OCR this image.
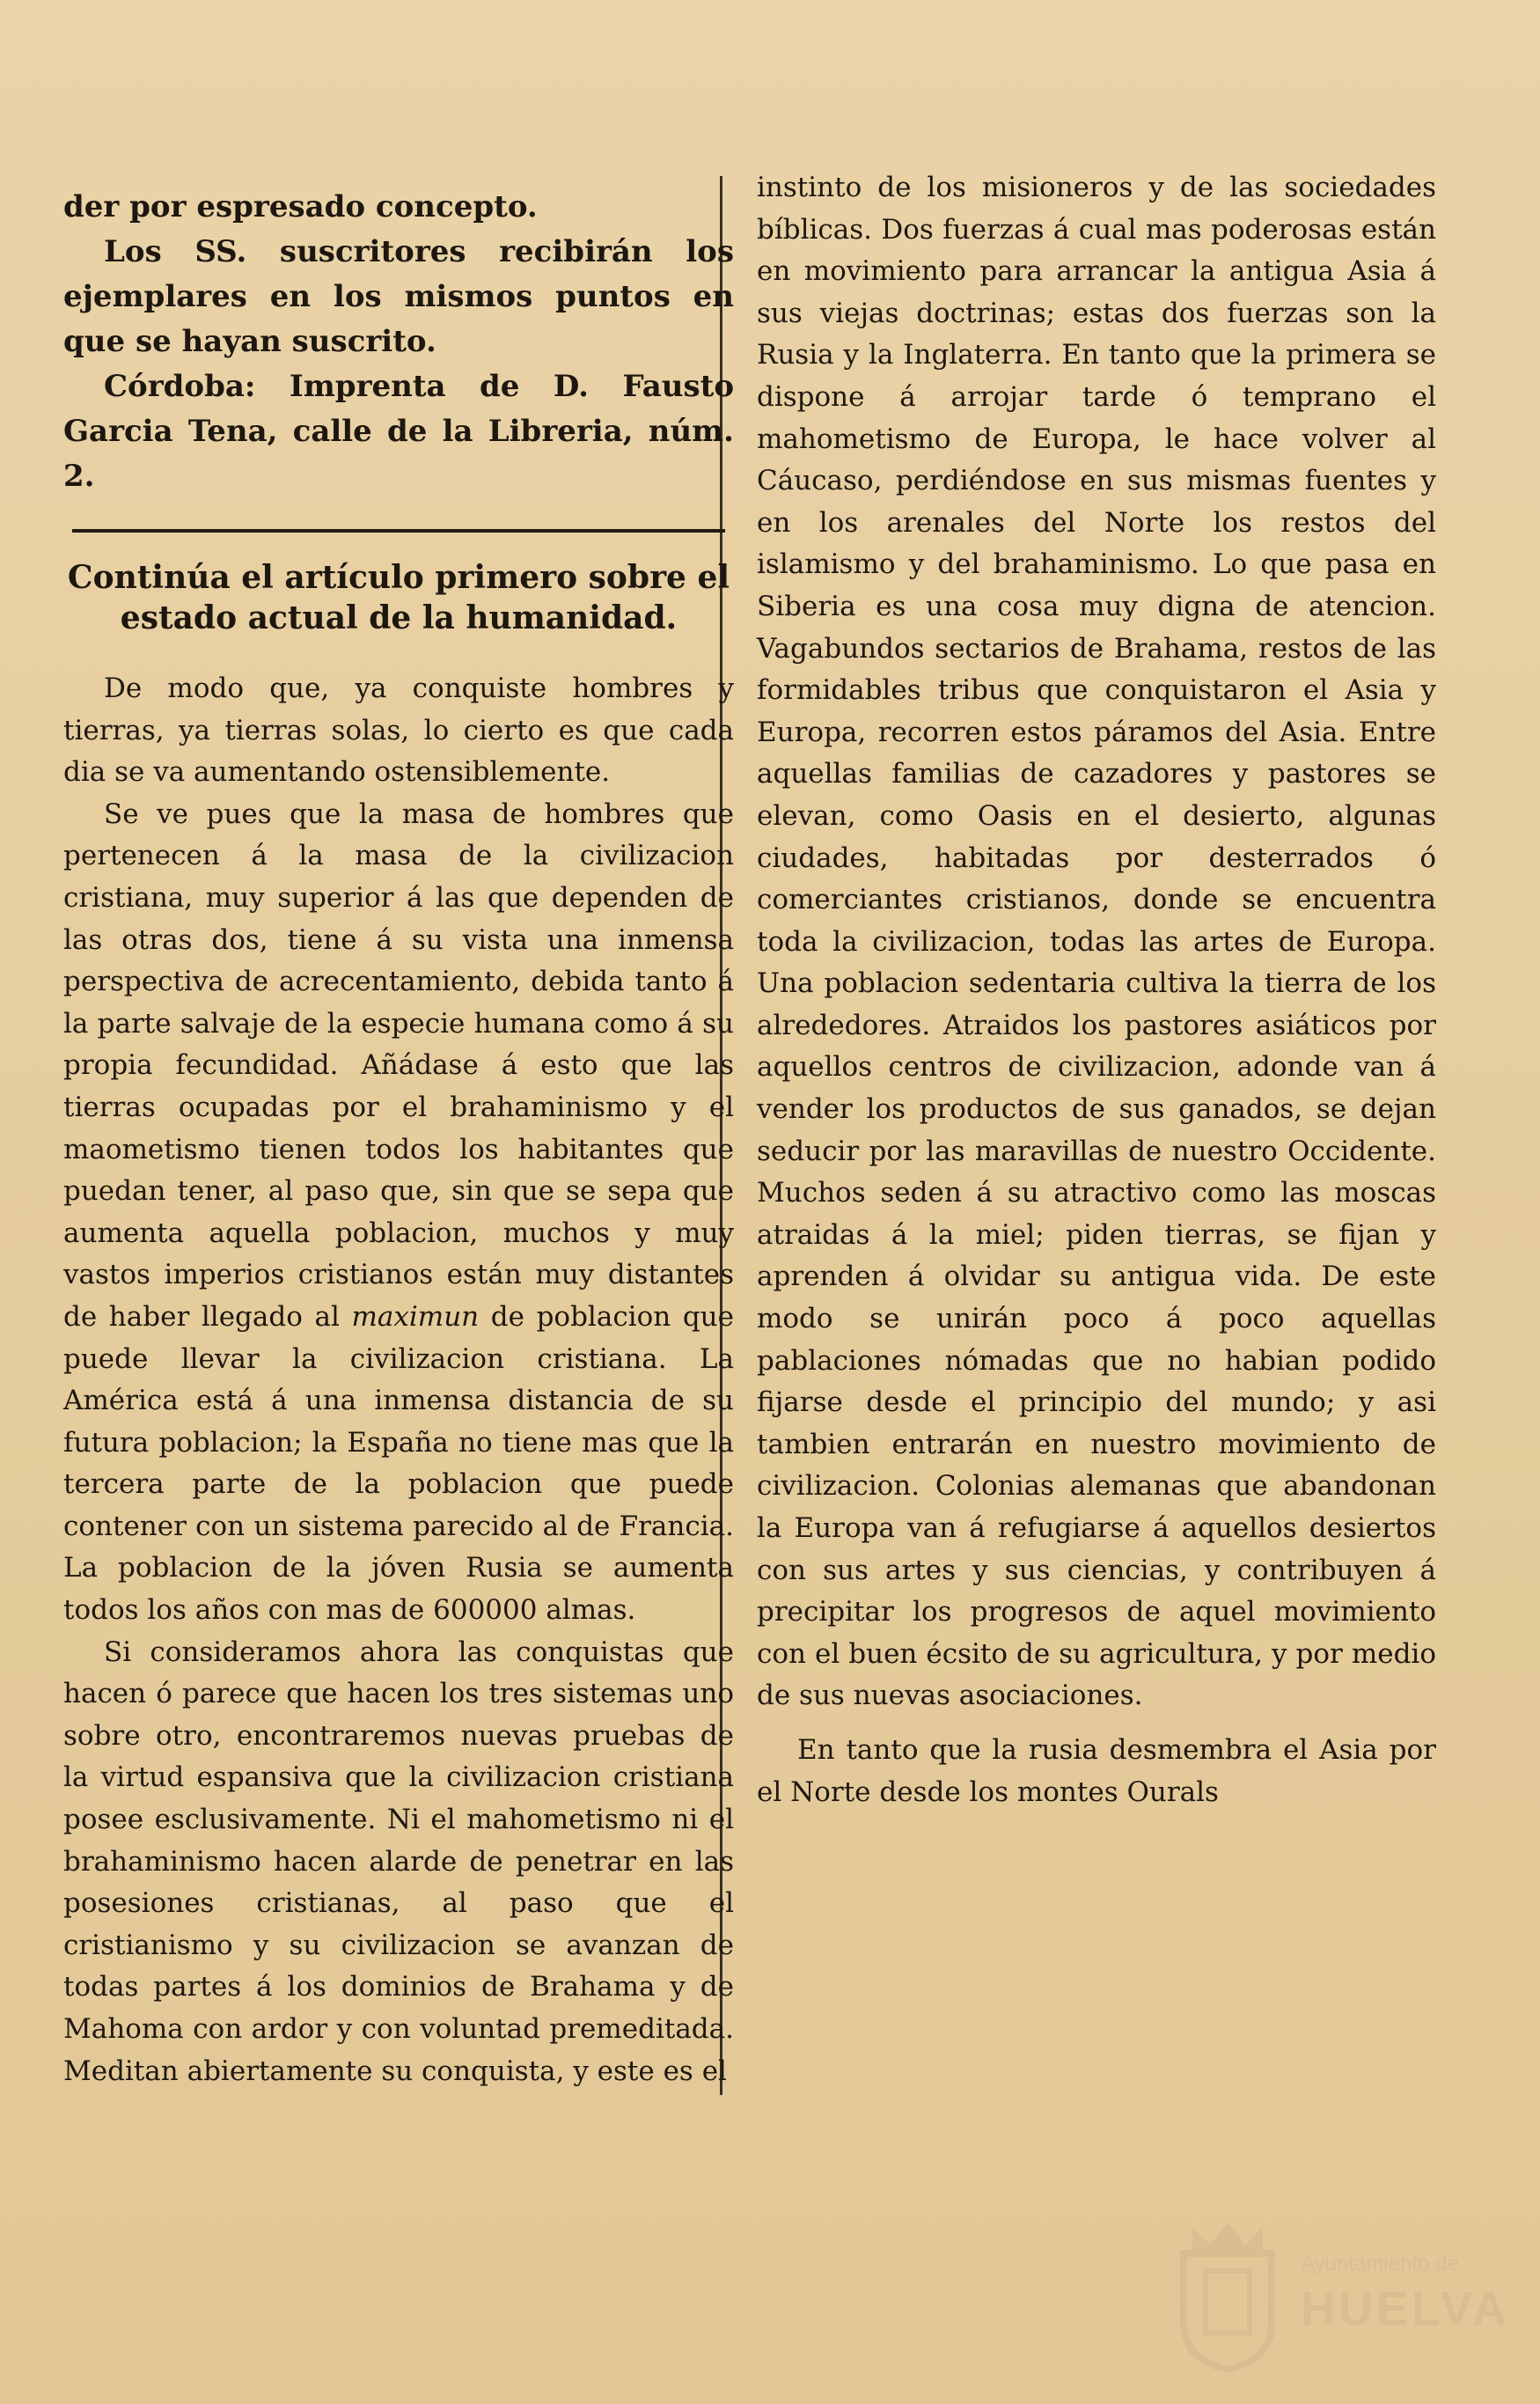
der por espresado concepto.

Los SS. suscritores recibirán los ejemplares en los mismos puntos en que se hayan suscrito.

Córdoba: Imprenta de D. Fausto Garcia Tena, calle de la Libreria, núm. 2.

Continúa el artículo primero sobre el estado actual de la humanidad.

De modo que, ya conquiste hombres y tierras, ya tierras solas, lo cierto es que cada dia se va aumentando ostensiblemente.

Se ve pues que la masa de hombres que pertenecen á la masa de la civilizacion cristiana, muy superior á las que dependen de las otras dos, tiene á su vista una inmensa perspectiva de acrecentamiento, debida tanto á la parte salvaje de la especie humana como á su propia fecundidad. Añádase á esto que las tierras ocupadas por el brahaminismo y el maometismo tienen todos los habitantes que puedan tener, al paso que, sin que se sepa que aumenta aquella poblacion, muchos y muy vastos imperios cristianos están muy distantes de haber llegado al maximun de poblacion que puede llevar la civilizacion cristiana. La América está á una inmensa distancia de su futura poblacion; la España no tiene mas que la tercera parte de la poblacion que puede contener con un sistema parecido al de Francia. La poblacion de la jóven Rusia se aumenta todos los años con mas de 600000 almas.

Si consideramos ahora las conquistas que hacen ó parece que hacen los tres sistemas uno sobre otro, encontraremos nuevas pruebas de la virtud espansiva que la civilizacion cristiana posee esclusivamente. Ni el mahometismo ni el brahaminismo hacen alarde de penetrar en las posesiones cristianas, al paso que el cristianismo y su civilizacion se avanzan de todas partes á los dominios de Brahama y de Mahoma con ardor y con voluntad premeditada. Meditan abiertamente su conquista, y este es el

instinto de los misioneros y de las sociedades bíblicas. Dos fuerzas á cual mas poderosas están en movimiento para arrancar la antigua Asia á sus viejas doctrinas; estas dos fuerzas son la Rusia y la Inglaterra. En tanto que la primera se dispone á arrojar tarde ó temprano el mahometismo de Europa, le hace volver al Cáucaso, perdiéndose en sus mismas fuentes y en los arenales del Norte los restos del islamismo y del brahaminismo. Lo que pasa en Siberia es una cosa muy digna de atencion. Vagabundos sectarios de Brahama, restos de las formidables tribus que conquistaron el Asia y Europa, recorren estos páramos del Asia. Entre aquellas familias de cazadores y pastores se elevan, como Oasis en el desierto, algunas ciudades, habitadas por desterrados ó comerciantes cristianos, donde se encuentra toda la civilizacion, todas las artes de Europa. Una poblacion sedentaria cultiva la tierra de los alrededores. Atraidos los pastores asiáticos por aquellos centros de civilizacion, adonde van á vender los productos de sus ganados, se dejan seducir por las maravillas de nuestro Occidente. Muchos seden á su atractivo como las moscas atraidas á la miel; piden tierras, se fijan y aprenden á olvidar su antigua vida. De este modo se unirán poco á poco aquellas pablaciones nómadas que no habian podido fijarse desde el principio del mundo; y asi tambien entrarán en nuestro movimiento de civilizacion. Colonias alemanas que abandonan la Europa van á refugiarse á aquellos desiertos con sus artes y sus ciencias, y contribuyen á precipitar los progresos de aquel movimiento con el buen écsito de su agricultura, y por medio de sus nuevas asociaciones.

En tanto que la rusia desmembra el Asia por el Norte desde los montes Ourals

Ayuntamiento de
HUELVA
